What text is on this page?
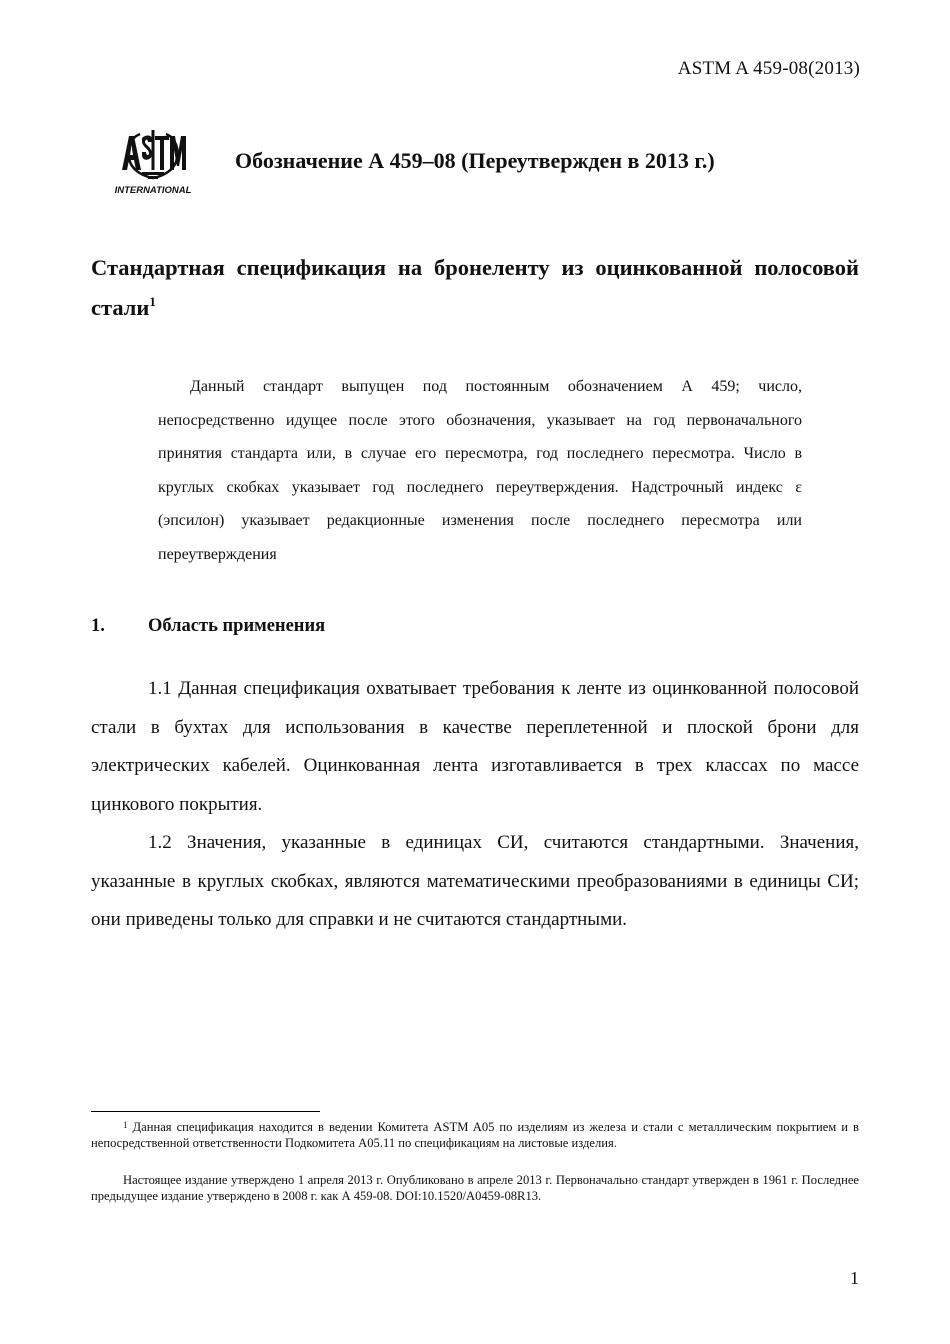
ASTM A 459-08(2013)
INTERNATIONAL
Обозначение А 459–08 (Переутвержден в 2013 г.)
Стандартная спецификация на бронеленту из оцинкованной полосовой стали$^1$
Данный стандарт выпущен под постоянным обозначением А 459; число, непосредственно идущее после этого обозначения, указывает на год первоначального принятия стандарта или, в случае его пересмотра, год последнего пересмотра. Число в круглых скобках указывает год последнего переутверждения. Надстрочный индекс ε (эпсилон) указывает редакционные изменения после последнего пересмотра или переутверждения
1. Область применения
1.1 Данная спецификация охватывает требования к ленте из оцинкованной полосовой стали в бухтах для использования в качестве переплетенной и плоской брони для электрических кабелей. Оцинкованная лента изготавливается в трех классах по массе цинкового покрытия.
1.2 Значения, указанные в единицах СИ, считаются стандартными. Значения, указанные в круглых скобках, являются математическими преобразованиями в единицы СИ; они приведены только для справки и не считаются стандартными.
$^1$ Данная спецификация находится в ведении Комитета ASTM A05 по изделиям из железа и стали с металлическим покрытием и в непосредственной ответственности Подкомитета A05.11 по спецификациям на листовые изделия.
Настоящее издание утверждено 1 апреля 2013 г. Опубликовано в апреле 2013 г. Первоначально стандарт утвержден в 1961 г. Последнее предыдущее издание утверждено в 2008 г. как А 459-08. DOI:10.1520/A0459-08R13.
1
